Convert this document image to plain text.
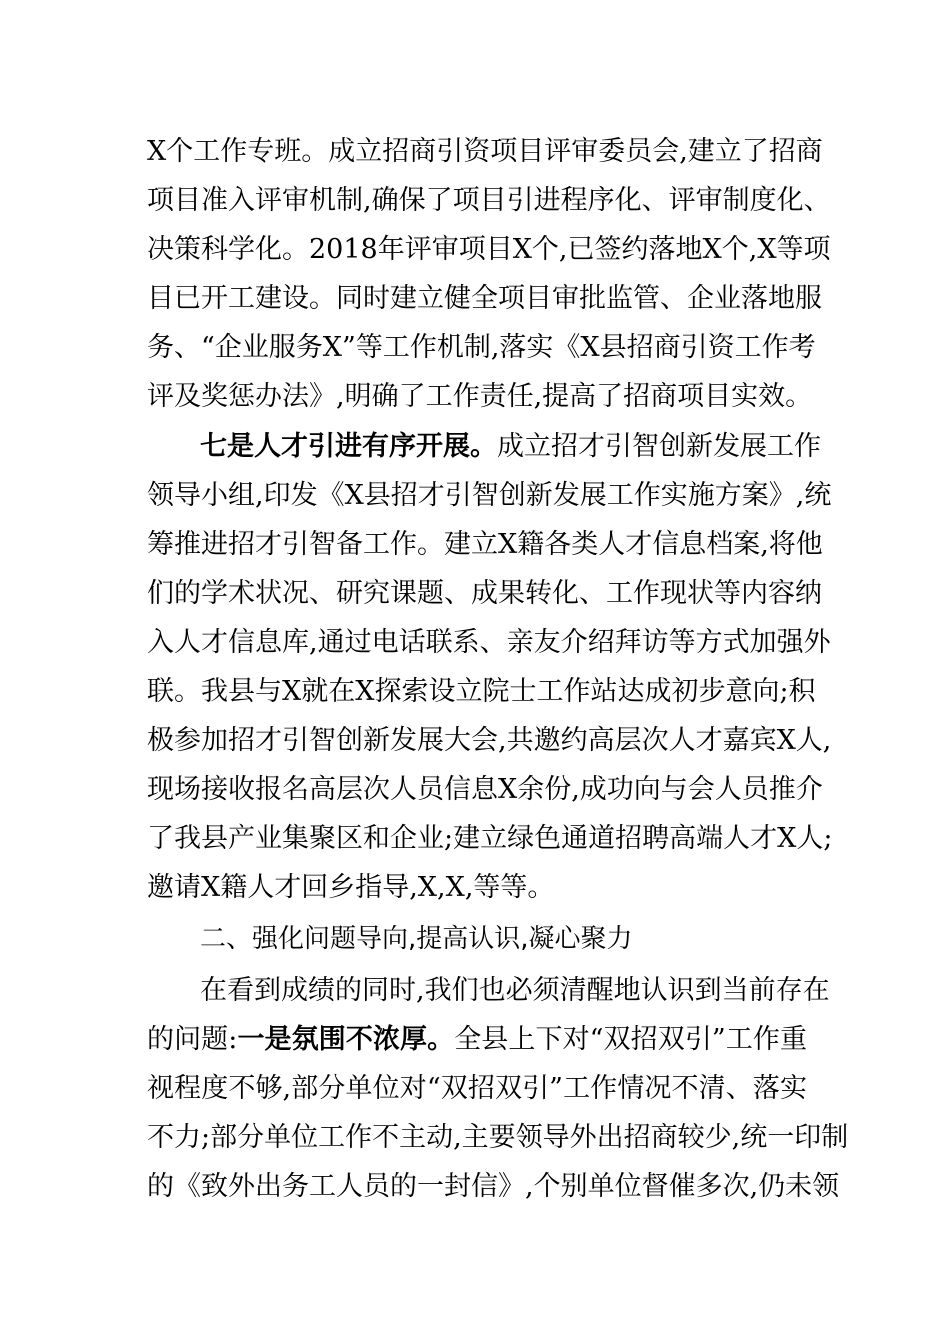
X个工作专班。成立招商引资项目评审委员会,建立了招商
项目准入评审机制,确保了项目引进程序化、评审制度化、
决策科学化。2018年评审项目X个,已签约落地X个,X等项
目已开工建设。同时建立健全项目审批监管、企业落地服
务、“企业服务X”等工作机制,落实《X县招商引资工作考
评及奖惩办法》,明确了工作责任,提高了招商项目实效。
七是人才引进有序开展。成立招才引智创新发展工作
领导小组,印发《X县招才引智创新发展工作实施方案》,统
筹推进招才引智备工作。建立X籍各类人才信息档案,将他
们的学术状况、研究课题、成果转化、工作现状等内容纳
入人才信息库,通过电话联系、亲友介绍拜访等方式加强外
联。我县与X就在X探索设立院士工作站达成初步意向;积
极参加招才引智创新发展大会,共邀约高层次人才嘉宾X人,
现场接收报名高层次人员信息X余份,成功向与会人员推介
了我县产业集聚区和企业;建立绿色通道招聘高端人才X人;
邀请X籍人才回乡指导,X,X,等等。
二、强化问题导向,提高认识,凝心聚力
在看到成绩的同时,我们也必须清醒地认识到当前存在
的问题:一是氛围不浓厚。全县上下对“双招双引”工作重
视程度不够,部分单位对“双招双引”工作情况不清、落实
不力;部分单位工作不主动,主要领导外出招商较少,统一印制
的《致外出务工人员的一封信》,个别单位督催多次,仍未领
